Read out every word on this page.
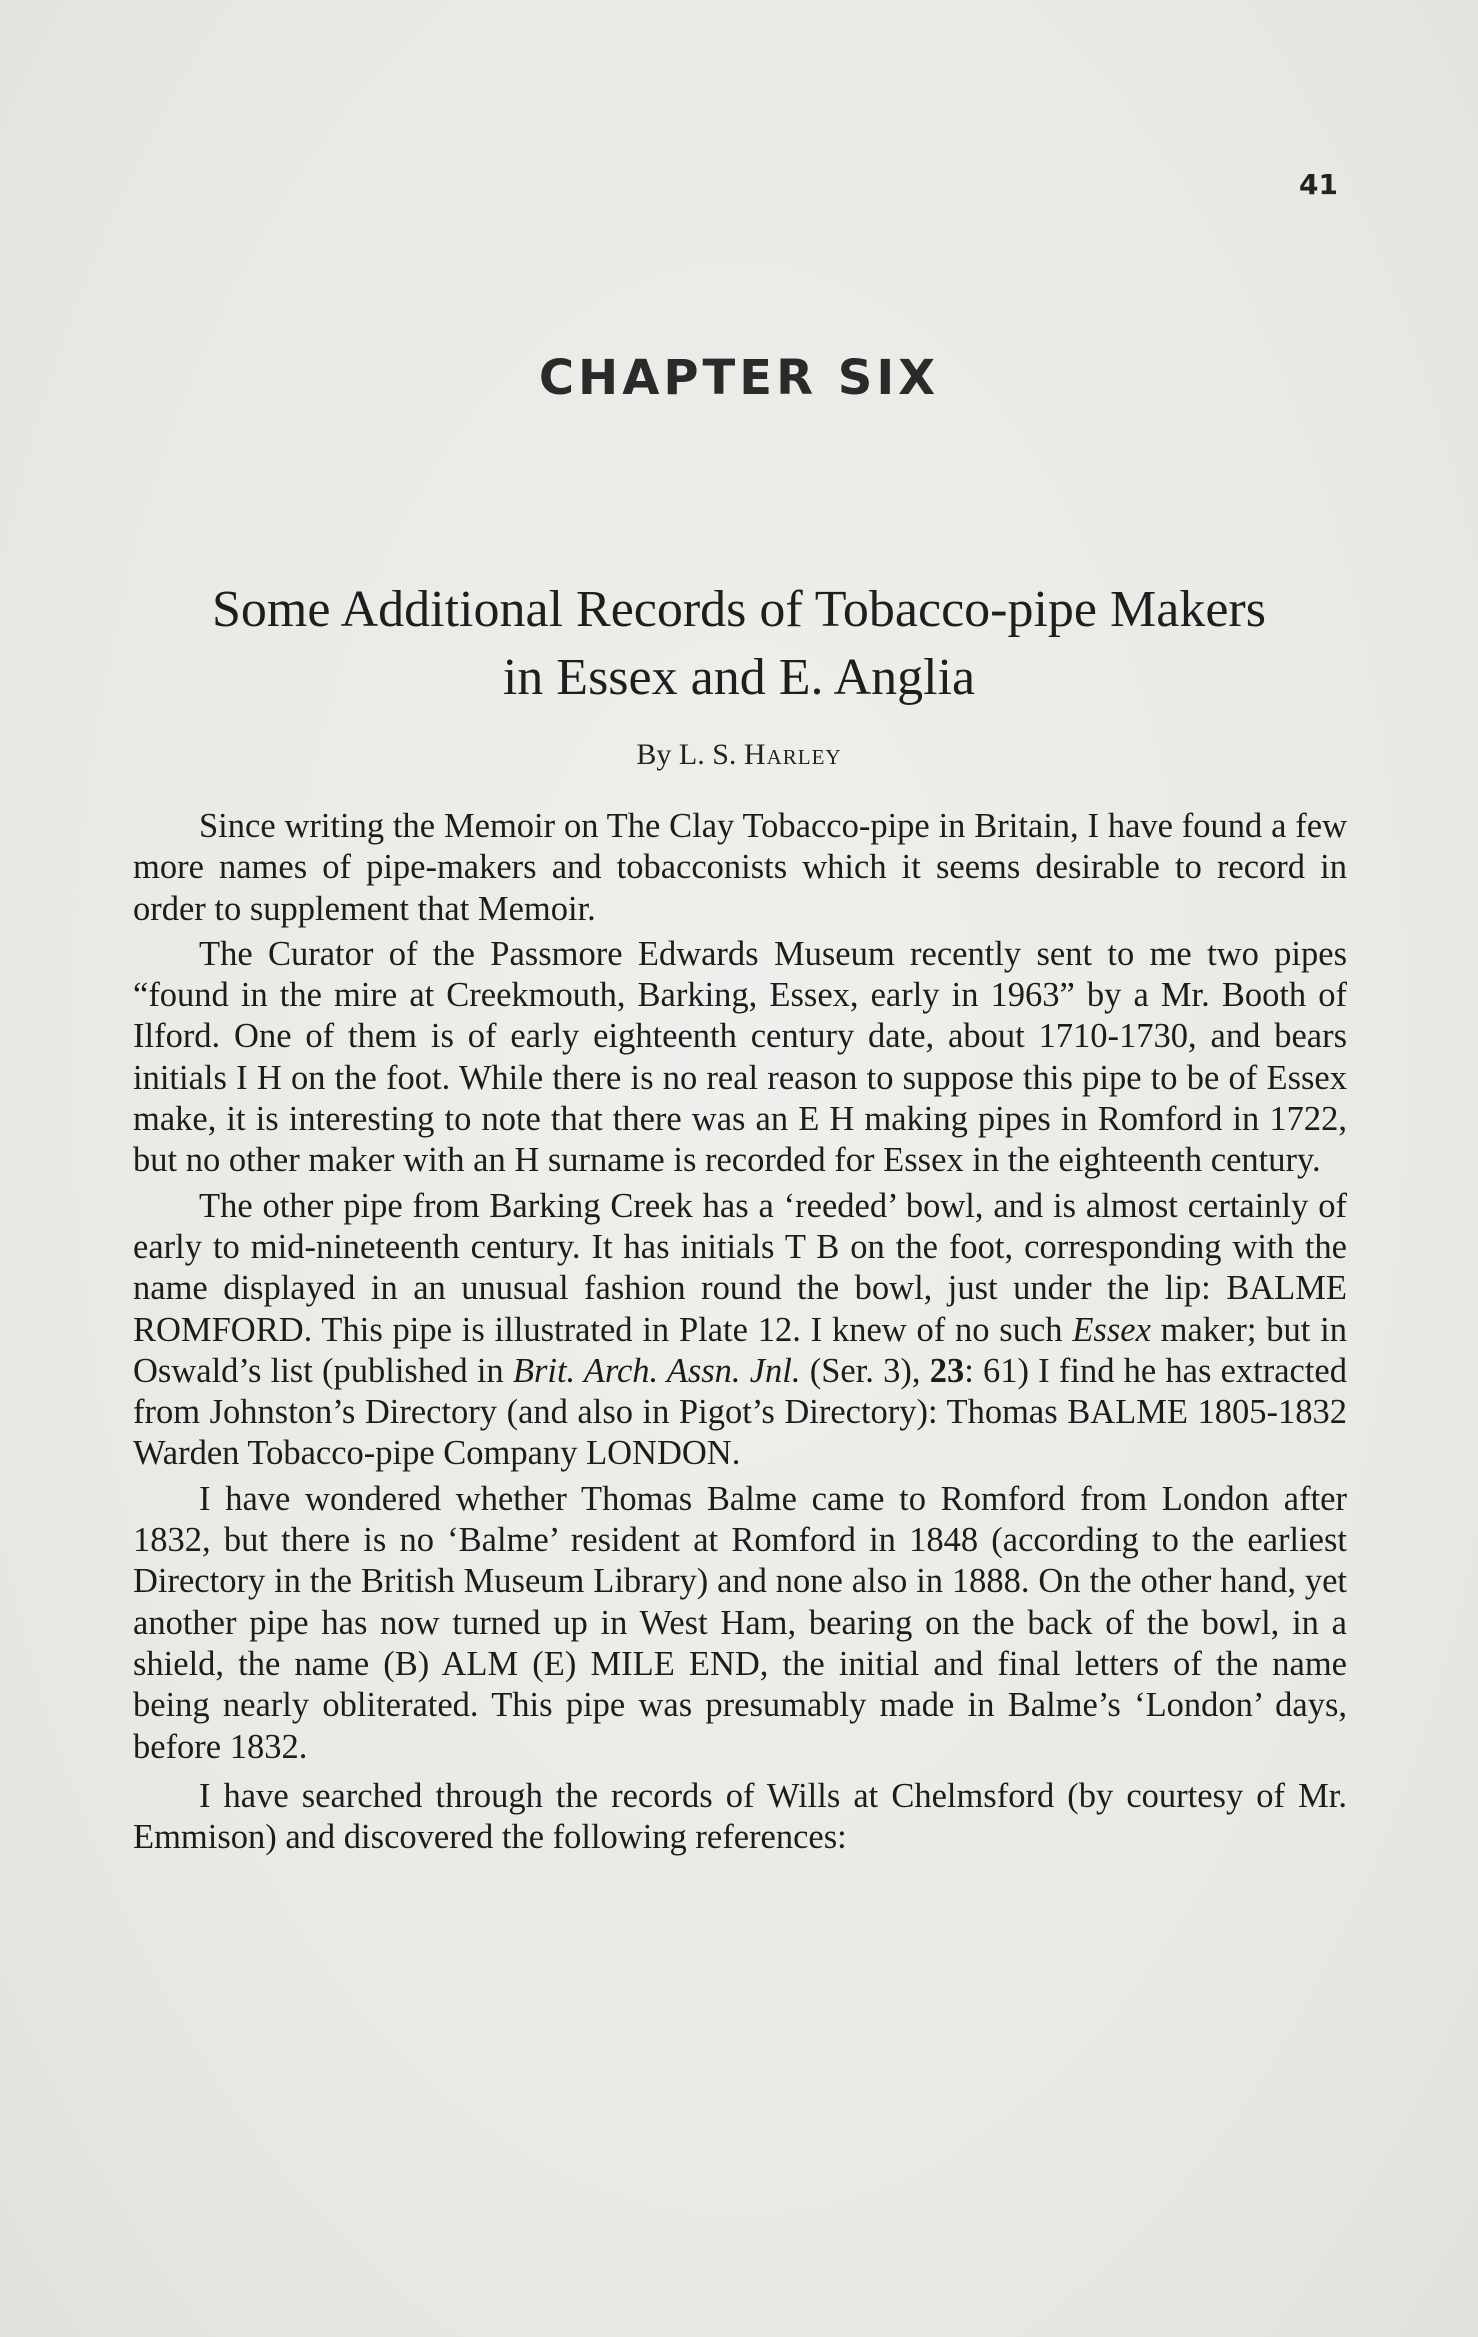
41
CHAPTER SIX
Some Additional Records of Tobacco-pipe Makers
in Essex and E. Anglia
By L. S. Harley

Since writing the Memoir on The Clay Tobacco-pipe in Britain, I have found a few more names of pipe-makers and tobacconists which it seems desirable to record in order to supplement that Memoir.

The Curator of the Passmore Edwards Museum recently sent to me two pipes “found in the mire at Creekmouth, Barking, Essex, early in 1963” by a Mr. Booth of Ilford. One of them is of early eighteenth century date, about 1710-1730, and bears initials I H on the foot. While there is no real reason to suppose this pipe to be of Essex make, it is interesting to note that there was an E H making pipes in Romford in 1722, but no other maker with an H surname is recorded for Essex in the eighteenth century.

The other pipe from Barking Creek has a ‘reeded’ bowl, and is almost certainly of early to mid-nineteenth century. It has initials T B on the foot, corresponding with the name displayed in an unusual fashion round the bowl, just under the lip: BALME ROMFORD. This pipe is illustrated in Plate 12. I knew of no such Essex maker; but in Oswald’s list (published in Brit. Arch. Assn. Jnl. (Ser. 3), 23: 61) I find he has extracted from Johnston’s Directory (and also in Pigot’s Directory): Thomas BALME 1805-1832 Warden Tobacco-pipe Company LONDON.

I have wondered whether Thomas Balme came to Romford from London after 1832, but there is no ‘Balme’ resident at Romford in 1848 (according to the earliest Directory in the British Museum Library) and none also in 1888. On the other hand, yet another pipe has now turned up in West Ham, bearing on the back of the bowl, in a shield, the name (B) ALM (E) MILE END, the initial and final letters of the name being nearly obliterated. This pipe was presumably made in Balme’s ‘London’ days, before 1832.

I have searched through the records of Wills at Chelmsford (by courtesy of Mr. Emmison) and discovered the following references:
